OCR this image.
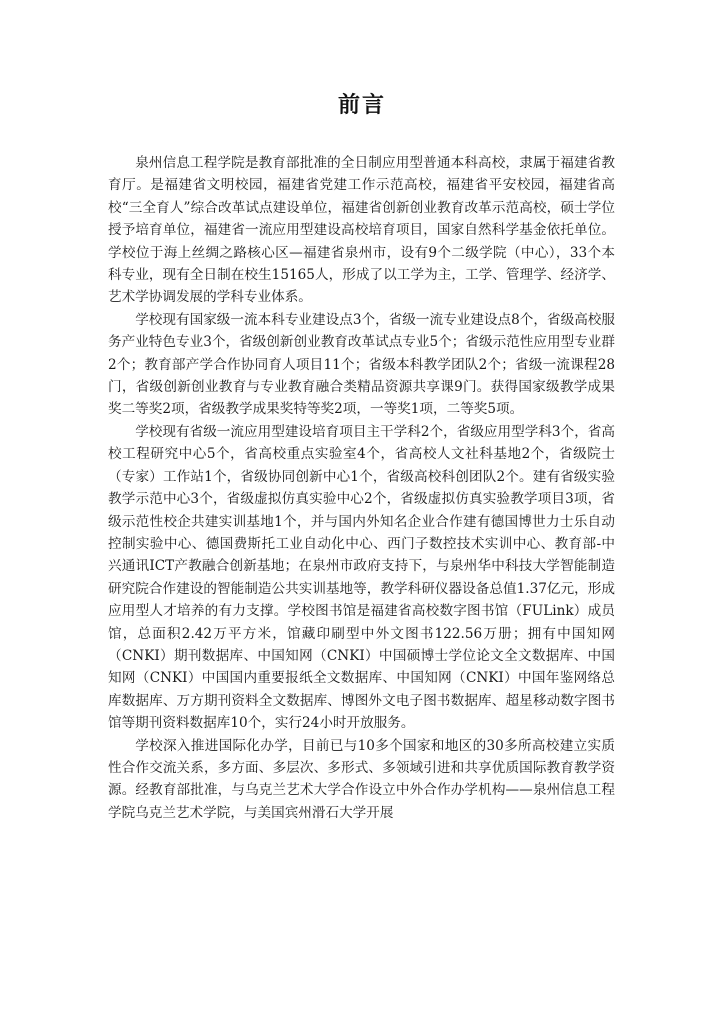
前言

泉州信息工程学院是教育部批准的全日制应用型普通本科高校，隶属于福建省教育厅。是福建省文明校园，福建省党建工作示范高校，福建省平安校园，福建省高校“三全育人”综合改革试点建设单位，福建省创新创业教育改革示范高校，硕士学位授予培育单位，福建省一流应用型建设高校培育项目，国家自然科学基金依托单位。学校位于海上丝绸之路核心区—福建省泉州市，设有9个二级学院（中心），33个本科专业，现有全日制在校生15165人，形成了以工学为主，工学、管理学、经济学、艺术学协调发展的学科专业体系。

学校现有国家级一流本科专业建设点3个，省级一流专业建设点8个，省级高校服务产业特色专业3个，省级创新创业教育改革试点专业5个；省级示范性应用型专业群2个；教育部产学合作协同育人项目11个；省级本科教学团队2个；省级一流课程28门，省级创新创业教育与专业教育融合类精品资源共享课9门。获得国家级教学成果奖二等奖2项，省级教学成果奖特等奖2项，一等奖1项，二等奖5项。

学校现有省级一流应用型建设培育项目主干学科2个，省级应用型学科3个，省高校工程研究中心5个，省高校重点实验室4个，省高校人文社科基地2个，省级院士（专家）工作站1个，省级协同创新中心1个，省级高校科创团队2个。建有省级实验教学示范中心3个，省级虚拟仿真实验中心2个，省级虚拟仿真实验教学项目3项，省级示范性校企共建实训基地1个，并与国内外知名企业合作建有德国博世力士乐自动控制实验中心、德国费斯托工业自动化中心、西门子数控技术实训中心、教育部-中兴通讯ICT产教融合创新基地；在泉州市政府支持下，与泉州华中科技大学智能制造研究院合作建设的智能制造公共实训基地等，教学科研仪器设备总值1.37亿元，形成应用型人才培养的有力支撑。学校图书馆是福建省高校数字图书馆（FULink）成员馆，总面积2.42万平方米，馆藏印刷型中外文图书122.56万册；拥有中国知网（CNKI）期刊数据库、中国知网（CNKI）中国硕博士学位论文全文数据库、中国知网（CNKI）中国国内重要报纸全文数据库、中国知网（CNKI）中国年鉴网络总库数据库、万方期刊资料全文数据库、博图外文电子图书数据库、超星移动数字图书馆等期刊资料数据库10个，实行24小时开放服务。

学校深入推进国际化办学，目前已与10多个国家和地区的30多所高校建立实质性合作交流关系，多方面、多层次、多形式、多领域引进和共享优质国际教育教学资源。经教育部批准，与乌克兰艺术大学合作设立中外合作办学机构——泉州信息工程学院乌克兰艺术学院，与美国宾州滑石大学开展
